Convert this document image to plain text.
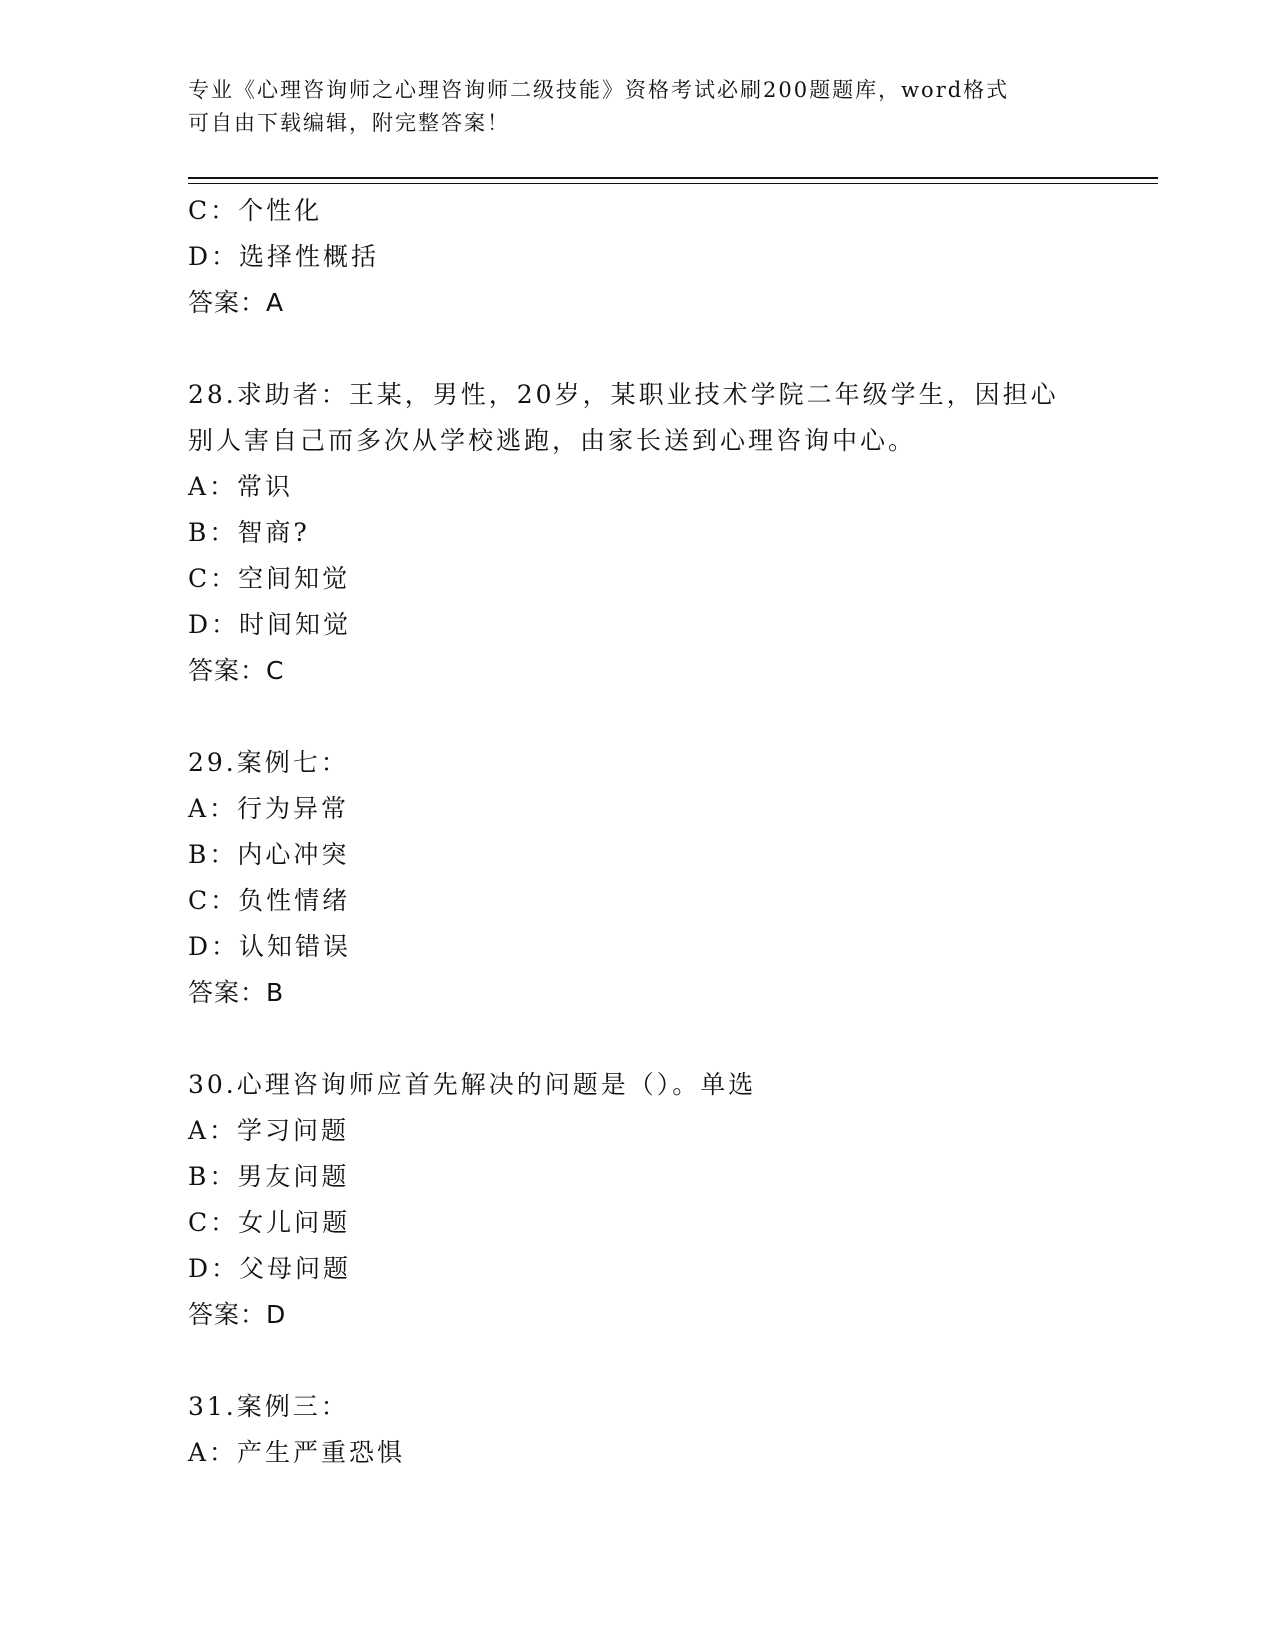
专业《心理咨询师之心理咨询师二级技能》资格考试必刷200题题库，word格式
可自由下载编辑，附完整答案！

C：个性化

D：选择性概括

答案：A

28.求助者：王某，男性，20岁，某职业技术学院二年级学生，因担心

别人害自己而多次从学校逃跑，由家长送到心理咨询中心。

A：常识

B：智商?

C：空间知觉

D：时间知觉

答案：C

29.案例七：

A：行为异常

B：内心冲突

C：负性情绪

D：认知错误

答案：B

30.心理咨询师应首先解决的问题是（）。单选

A：学习问题

B：男友问题

C：女儿问题

D：父母问题

答案：D

31.案例三：

A：产生严重恐惧
